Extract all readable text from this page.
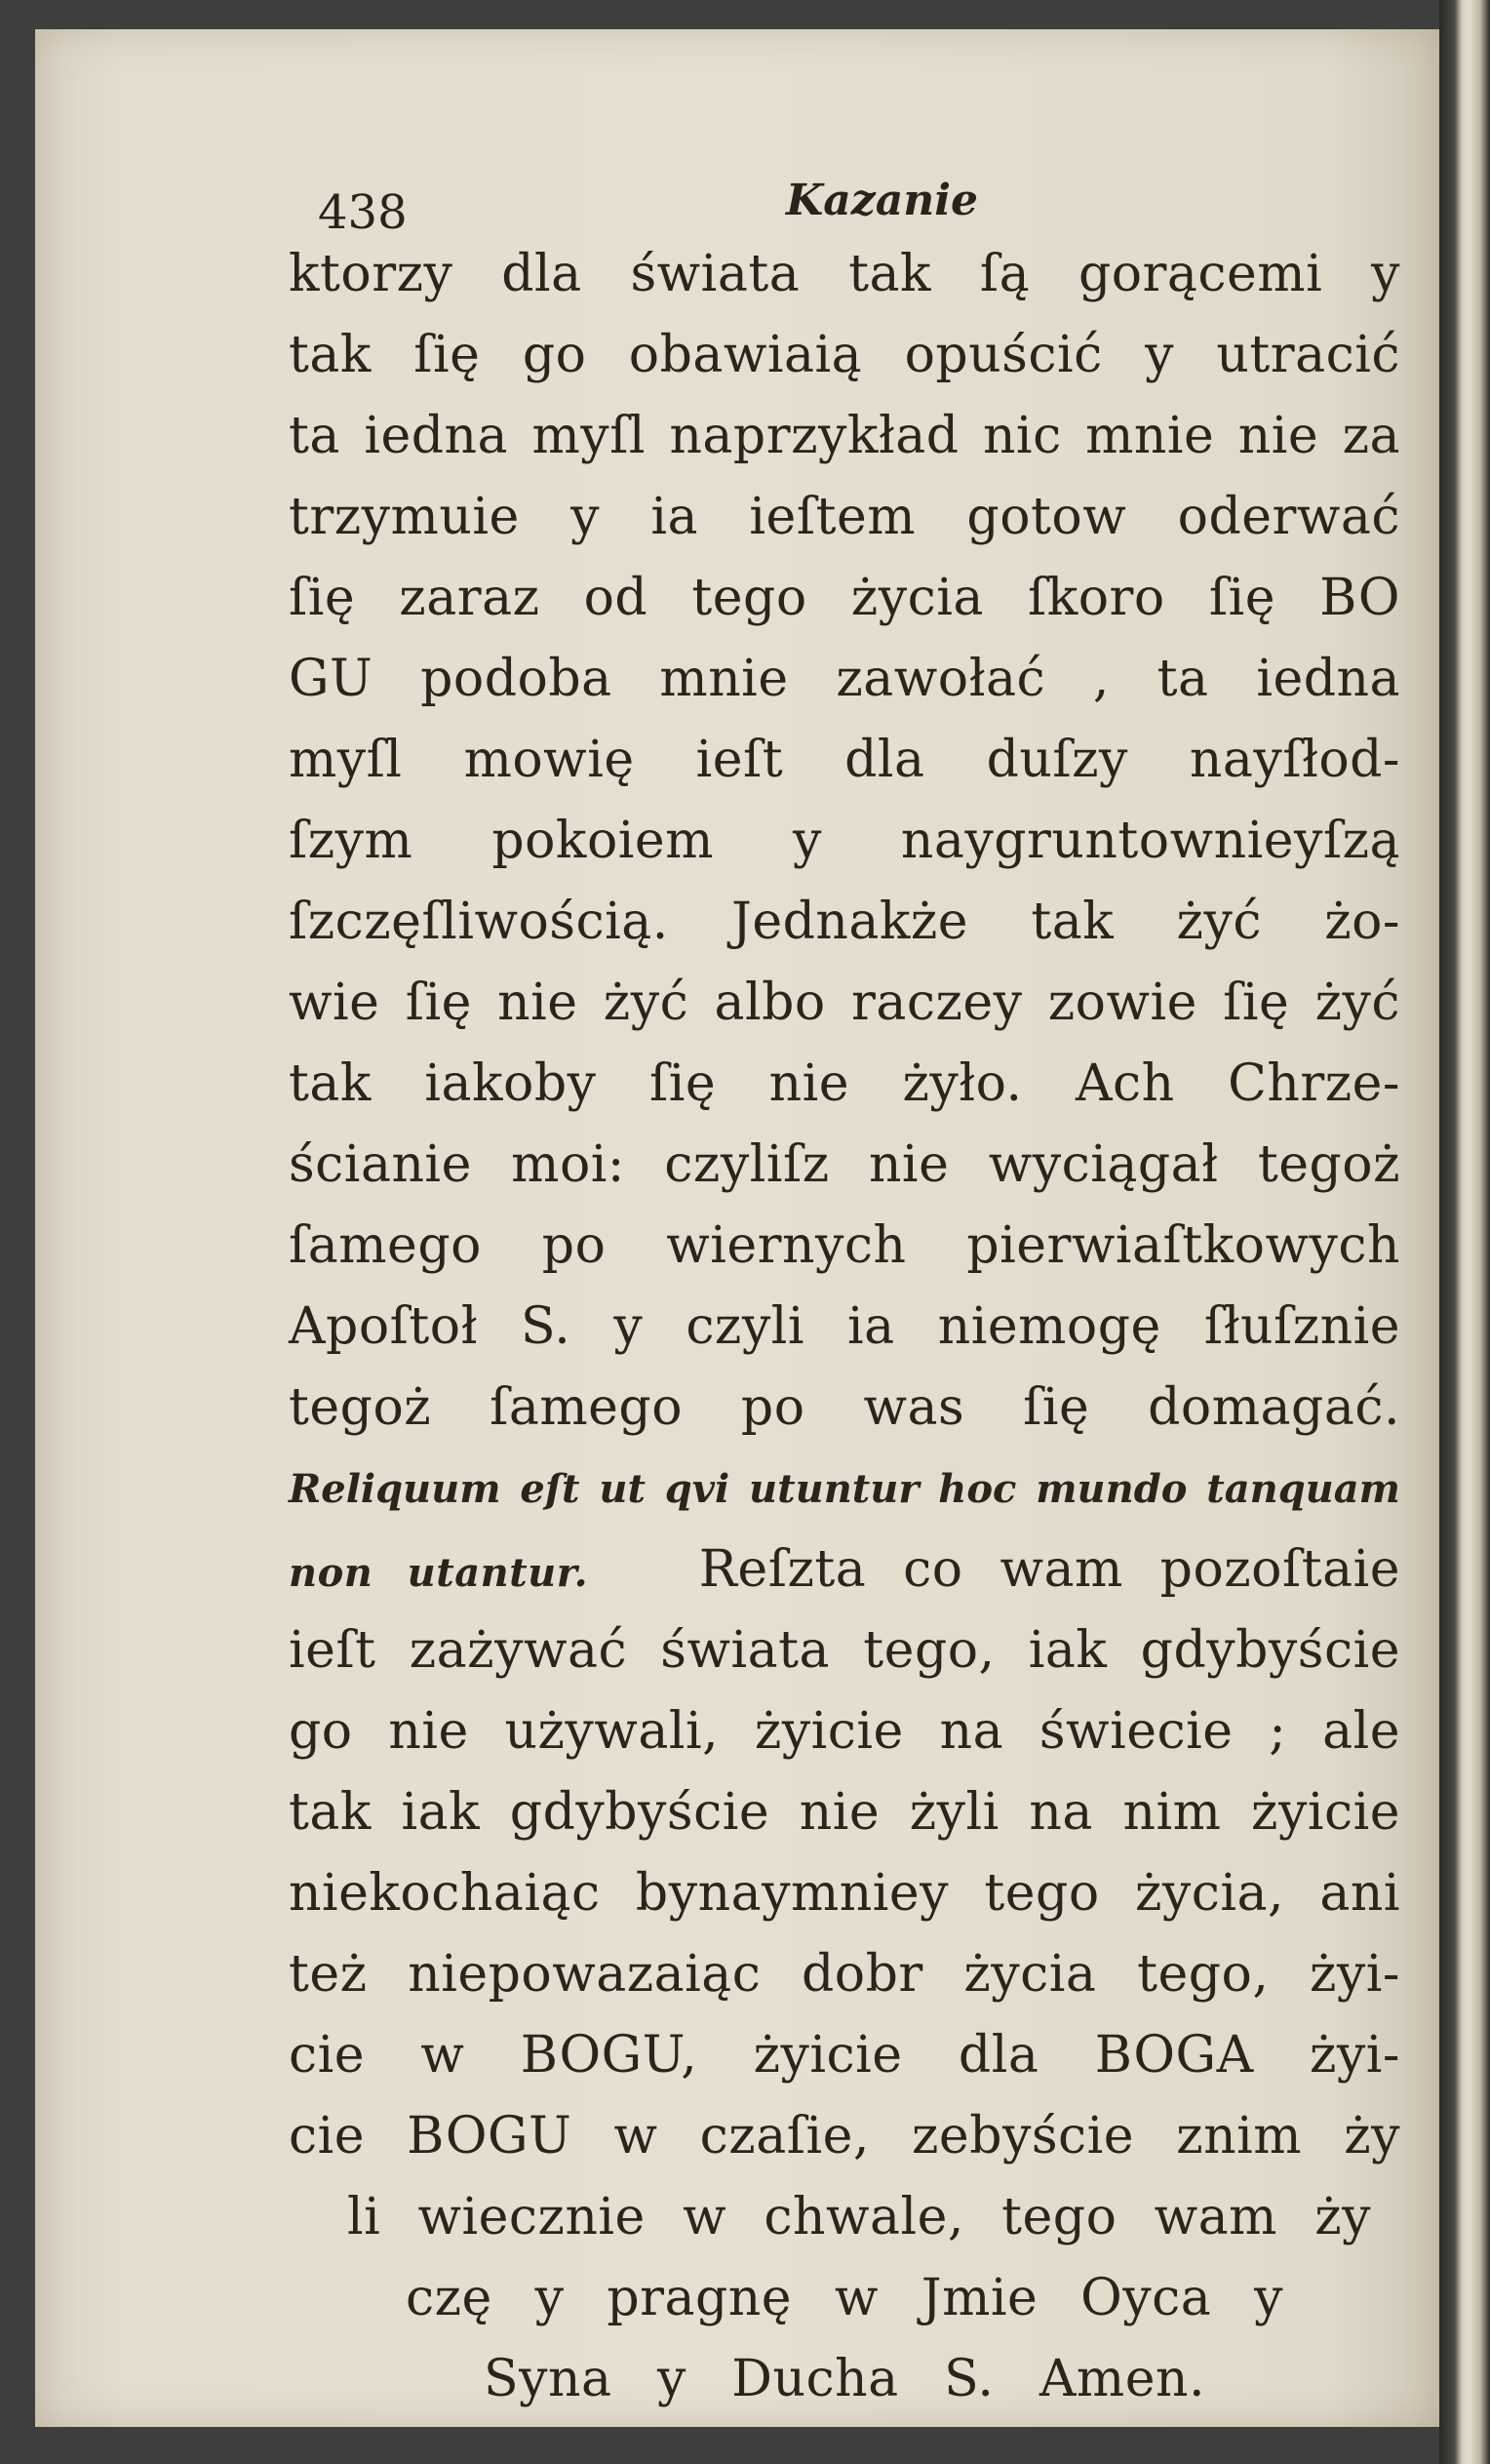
438	Kazanie
ktorzy dla świata tak ſą gorącemi y
tak ſię go obawiaią opuścić y utracić
ta iedna myſl naprzykład nic mnie nie za
trzymuie y ia ieſtem gotow oderwać
ſię zaraz od tego życia ſkoro ſię BO
GU podoba mnie zawołać , ta iedna
myſl mowię ieſt dla duſzy nayſłod-
ſzym pokoiem y naygruntownieyſzą
ſzczęſliwością. Jednakże tak żyć żo-
wie ſię nie żyć albo raczey zowie ſię żyć
tak iakoby ſię nie żyło. Ach Chrze-
ścianie moi: czyliſz nie wyciągał tegoż
ſamego po wiernych pierwiaſtkowych
Apoſtoł S. y czyli ia niemogę ſłuſznie
tegoż ſamego po was ſię domagać.
Reliquum eſt ut qvi utuntur hoc mundo tanquam
non utantur. Reſzta co wam pozoſtaie
ieſt zażywać świata tego, iak gdybyście
go nie używali, żyicie na świecie ; ale
tak iak gdybyście nie żyli na nim żyicie
niekochaiąc bynaymniey tego życia, ani
też niepowazaiąc dobr życia tego, żyi-
cie w BOGU, żyicie dla BOGA żyi-
cie BOGU w czaſie, zebyście znim ży
li wiecznie w chwale, tego wam ży
czę y pragnę w Jmie Oyca y
Syna y Ducha S. Amen.
